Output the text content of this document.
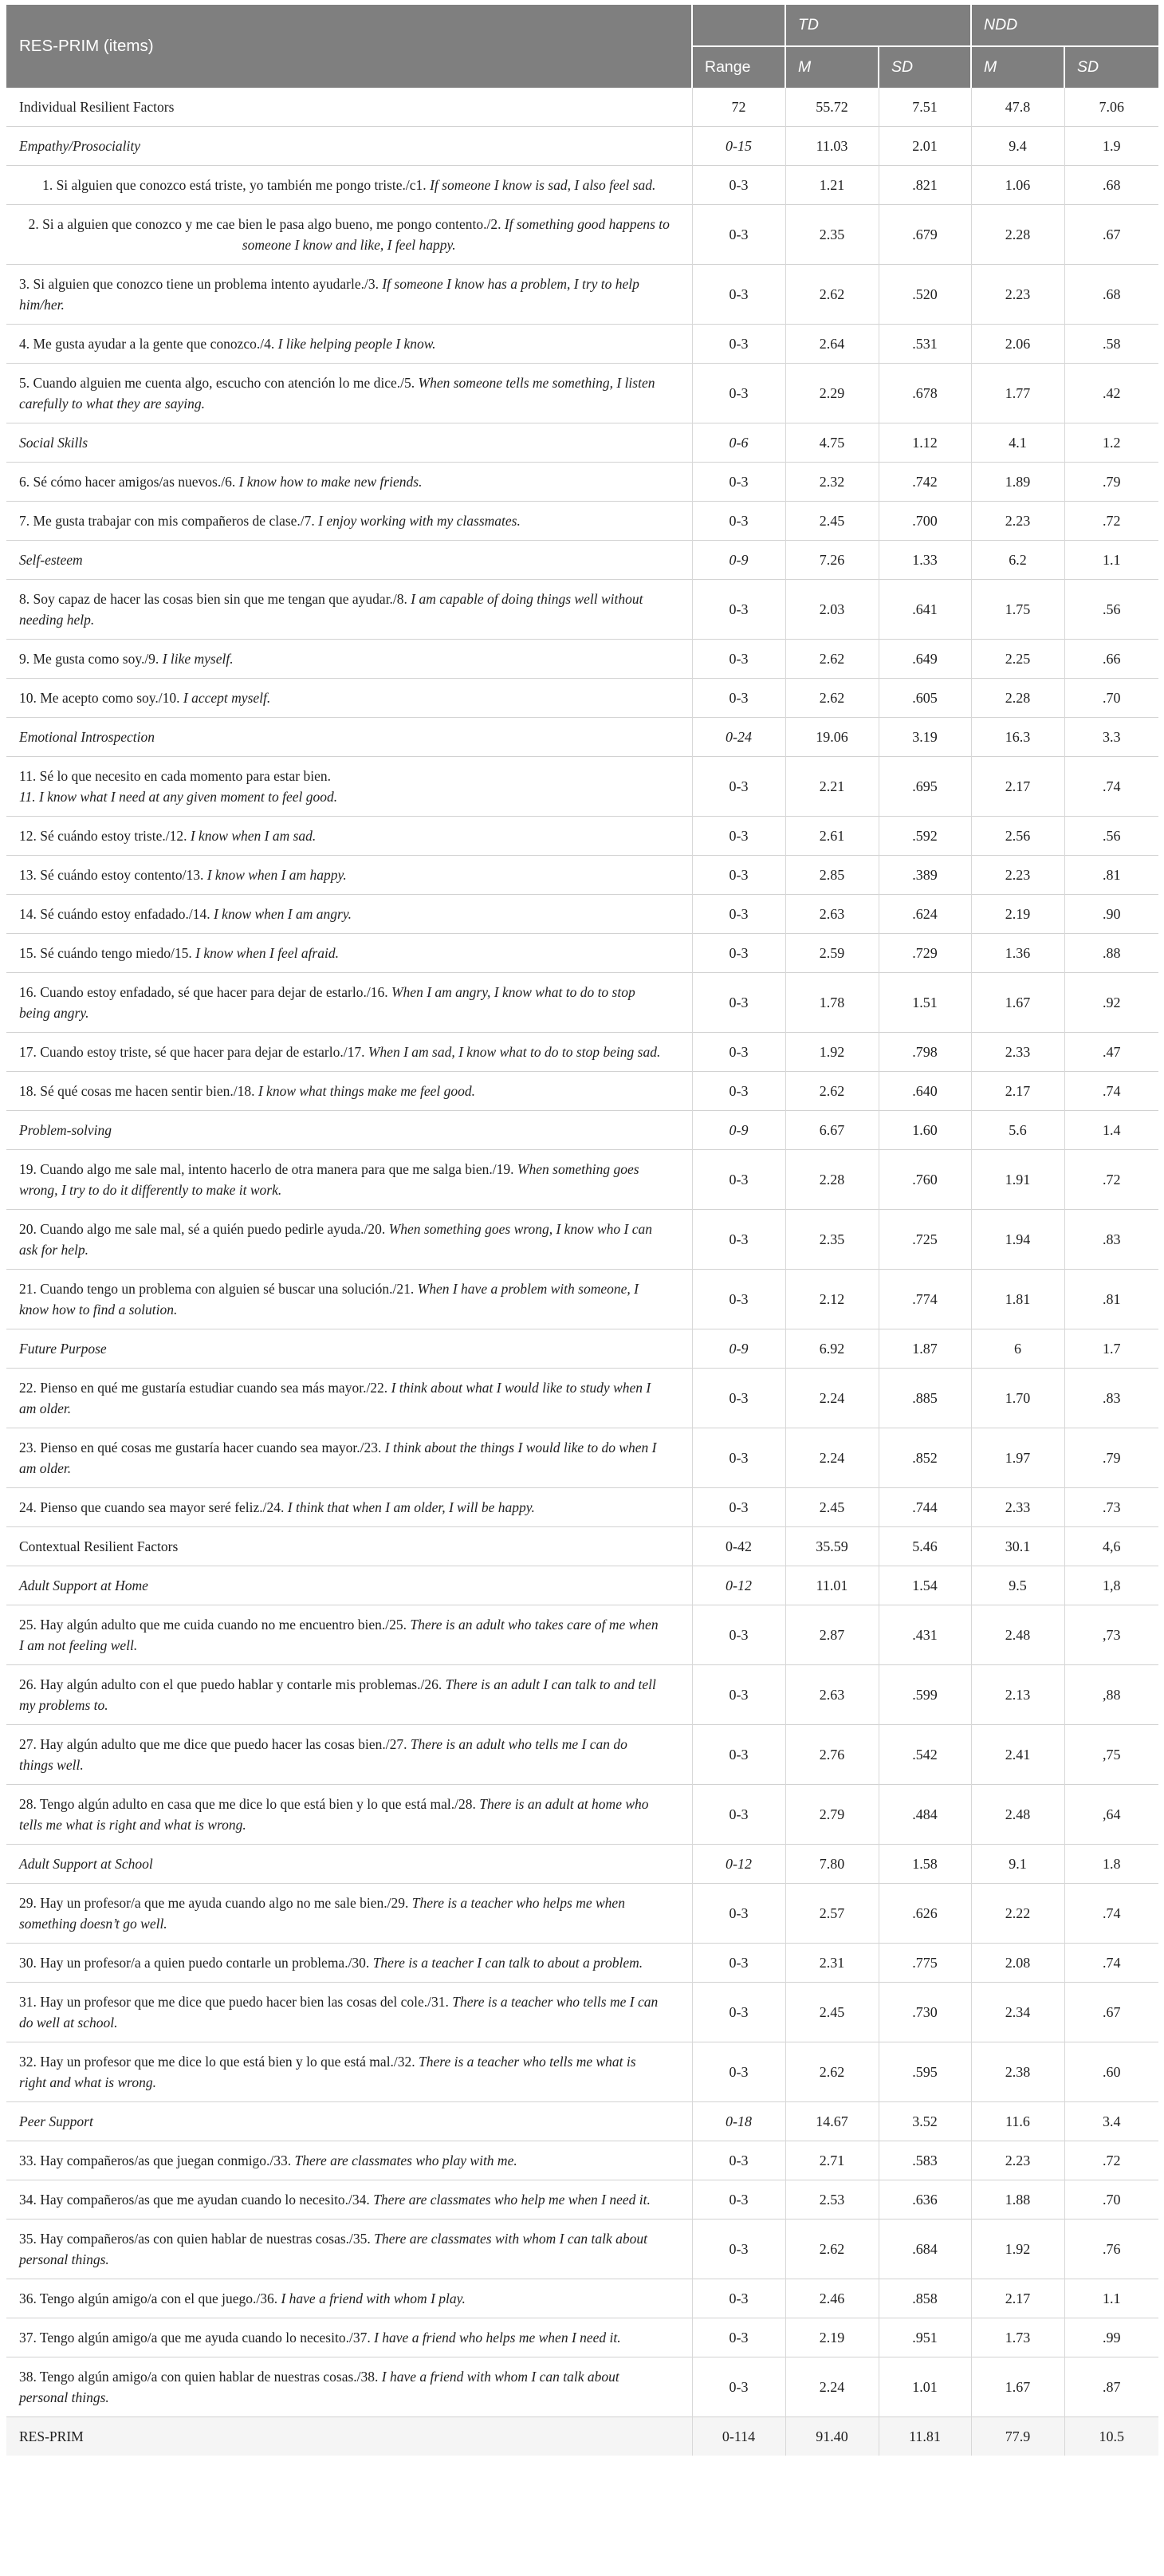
RES-PRIM (items)		TD		NDD	
	Range	M	SD	M	SD
Individual Resilient Factors	72	55.72	7.51	47.8	7.06
Empathy/Prosociality	0-15	11.03	2.01	9.4	1.9
1. Si alguien que conozco está triste, yo también me pongo triste./c1. If someone I know is sad, I also feel sad.	0-3	1.21	.821	1.06	.68
2. Si a alguien que conozco y me cae bien le pasa algo bueno, me pongo contento./2. If something good happens to someone I know and like, I feel happy.	0-3	2.35	.679	2.28	.67
3. Si alguien que conozco tiene un problema intento ayudarle./3. If someone I know has a problem, I try to help him/her.	0-3	2.62	.520	2.23	.68
4. Me gusta ayudar a la gente que conozco./4. I like helping people I know.	0-3	2.64	.531	2.06	.58
5. Cuando alguien me cuenta algo, escucho con atención lo me dice./5. When someone tells me something, I listen carefully to what they are saying.	0-3	2.29	.678	1.77	.42
Social Skills	0-6	4.75	1.12	4.1	1.2
6. Sé cómo hacer amigos/as nuevos./6. I know how to make new friends.	0-3	2.32	.742	1.89	.79
7. Me gusta trabajar con mis compañeros de clase./7. I enjoy working with my classmates.	0-3	2.45	.700	2.23	.72
Self-esteem	0-9	7.26	1.33	6.2	1.1
8. Soy capaz de hacer las cosas bien sin que me tengan que ayudar./8. I am capable of doing things well without needing help.	0-3	2.03	.641	1.75	.56
9. Me gusta como soy./9. I like myself.	0-3	2.62	.649	2.25	.66
10. Me acepto como soy./10. I accept myself.	0-3	2.62	.605	2.28	.70
Emotional Introspection	0-24	19.06	3.19	16.3	3.3
11. Sé lo que necesito en cada momento para estar bien.
11. I know what I need at any given moment to feel good.	0-3	2.21	.695	2.17	.74
12. Sé cuándo estoy triste./12. I know when I am sad.	0-3	2.61	.592	2.56	.56
13. Sé cuándo estoy contento/13. I know when I am happy.	0-3	2.85	.389	2.23	.81
14. Sé cuándo estoy enfadado./14. I know when I am angry.	0-3	2.63	.624	2.19	.90
15. Sé cuándo tengo miedo/15. I know when I feel afraid.	0-3	2.59	.729	1.36	.88
16. Cuando estoy enfadado, sé que hacer para dejar de estarlo./16. When I am angry, I know what to do to stop being angry.	0-3	1.78	1.51	1.67	.92
17. Cuando estoy triste, sé que hacer para dejar de estarlo./17. When I am sad, I know what to do to stop being sad.	0-3	1.92	.798	2.33	.47
18. Sé qué cosas me hacen sentir bien./18. I know what things make me feel good.	0-3	2.62	.640	2.17	.74
Problem-solving	0-9	6.67	1.60	5.6	1.4
19. Cuando algo me sale mal, intento hacerlo de otra manera para que me salga bien./19. When something goes wrong, I try to do it differently to make it work.	0-3	2.28	.760	1.91	.72
20. Cuando algo me sale mal, sé a quién puedo pedirle ayuda./20. When something goes wrong, I know who I can ask for help.	0-3	2.35	.725	1.94	.83
21. Cuando tengo un problema con alguien sé buscar una solución./21. When I have a problem with someone, I know how to find a solution.	0-3	2.12	.774	1.81	.81
Future Purpose	0-9	6.92	1.87	6	1.7
22. Pienso en qué me gustaría estudiar cuando sea más mayor./22. I think about what I would like to study when I am older.	0-3	2.24	.885	1.70	.83
23. Pienso en qué cosas me gustaría hacer cuando sea mayor./23. I think about the things I would like to do when I am older.	0-3	2.24	.852	1.97	.79
24. Pienso que cuando sea mayor seré feliz./24. I think that when I am older, I will be happy.	0-3	2.45	.744	2.33	.73
Contextual Resilient Factors	0-42	35.59	5.46	30.1	4,6
Adult Support at Home	0-12	11.01	1.54	9.5	1,8
25. Hay algún adulto que me cuida cuando no me encuentro bien./25. There is an adult who takes care of me when I am not feeling well.	0-3	2.87	.431	2.48	,73
26. Hay algún adulto con el que puedo hablar y contarle mis problemas./26. There is an adult I can talk to and tell my problems to.	0-3	2.63	.599	2.13	,88
27. Hay algún adulto que me dice que puedo hacer las cosas bien./27. There is an adult who tells me I can do things well.	0-3	2.76	.542	2.41	,75
28. Tengo algún adulto en casa que me dice lo que está bien y lo que está mal./28. There is an adult at home who tells me what is right and what is wrong.	0-3	2.79	.484	2.48	,64
Adult Support at School	0-12	7.80	1.58	9.1	1.8
29. Hay un profesor/a que me ayuda cuando algo no me sale bien./29. There is a teacher who helps me when something doesn’t go well.	0-3	2.57	.626	2.22	.74
30. Hay un profesor/a a quien puedo contarle un problema./30. There is a teacher I can talk to about a problem.	0-3	2.31	.775	2.08	.74
31. Hay un profesor que me dice que puedo hacer bien las cosas del cole./31. There is a teacher who tells me I can do well at school.	0-3	2.45	.730	2.34	.67
32. Hay un profesor que me dice lo que está bien y lo que está mal./32. There is a teacher who tells me what is right and what is wrong.	0-3	2.62	.595	2.38	.60
Peer Support	0-18	14.67	3.52	11.6	3.4
33. Hay compañeros/as que juegan conmigo./33. There are classmates who play with me.	0-3	2.71	.583	2.23	.72
34. Hay compañeros/as que me ayudan cuando lo necesito./34. There are classmates who help me when I need it.	0-3	2.53	.636	1.88	.70
35. Hay compañeros/as con quien hablar de nuestras cosas./35. There are classmates with whom I can talk about personal things.	0-3	2.62	.684	1.92	.76
36. Tengo algún amigo/a con el que juego./36. I have a friend with whom I play.	0-3	2.46	.858	2.17	1.1
37. Tengo algún amigo/a que me ayuda cuando lo necesito./37. I have a friend who helps me when I need it.	0-3	2.19	.951	1.73	.99
38. Tengo algún amigo/a con quien hablar de nuestras cosas./38. I have a friend with whom I can talk about personal things.	0-3	2.24	1.01	1.67	.87
RES-PRIM	0-114	91.40	11.81	77.9	10.5
